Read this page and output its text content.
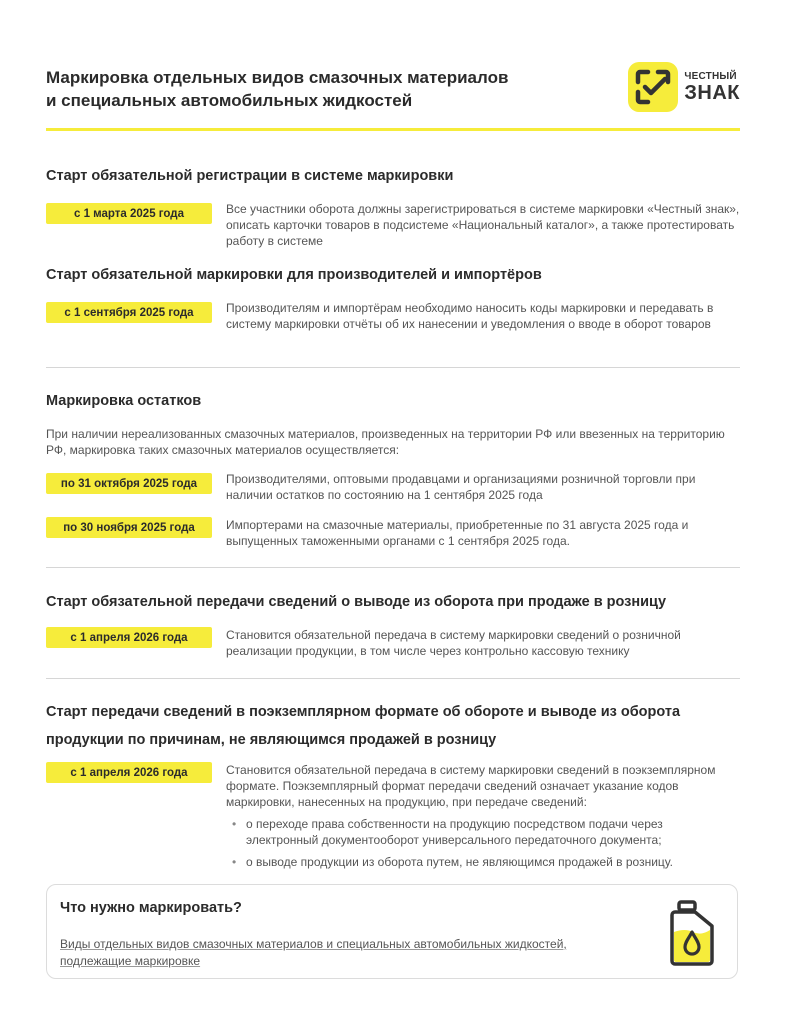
Маркировка отдельных видов смазочных материалов
и специальных автомобильных жидкостей
ЧЕСТНЫЙ
ЗНАК
Старт обязательной регистрации в системе маркировки
с 1 марта 2025 года	Все участники оборота должны зарегистрироваться в системе маркировки «Честный знак», описать карточки товаров в подсистеме «Национальный каталог», а также протестировать работу в системе
Старт обязательной маркировки для производителей и импортёров
с 1 сентября 2025 года	Производителям и импортёрам необходимо наносить коды маркировки и передавать в систему маркировки отчёты об их нанесении и уведомления о вводе в оборот товаров
Маркировка остатков

При наличии нереализованных смазочных материалов, произведенных на территории РФ или ввезенных на территорию РФ, маркировка таких смазочных материалов осуществляется:

по 31 октября 2025 года	Производителями, оптовыми продавцами и организациями розничной торговли при наличии остатков по состоянию на 1 сентября 2025 года
по 30 ноября 2025 года	Импортерами на смазочные материалы, приобретенные по 31 августа 2025 года и выпущенных таможенными органами с 1 сентября 2025 года.
Старт обязательной передачи сведений о выводе из оборота при продаже в розницу
с 1 апреля 2026 года	Становится обязательной передача в систему маркировки сведений о розничной реализации продукции, в том числе через контрольно кассовую технику
Старт передачи сведений в поэкземплярном формате об обороте и выводе из оборота
продукции по причинам, не являющимся продажей в розницу
с 1 апреля 2026 года	Становится обязательной передача в систему маркировки сведений в поэкземплярном формате. Поэкземплярный формат передачи сведений означает указание кодов маркировки, нанесенных на продукцию, при передаче сведений:
• о переходе права собственности на продукцию посредством подачи через электронный документооборот универсального передаточного документа;
• о выводе продукции из оборота путем, не являющимся продажей в розницу.
Что нужно маркировать?
Виды отдельных видов смазочных материалов и специальных автомобильных жидкостей, подлежащие маркировке
